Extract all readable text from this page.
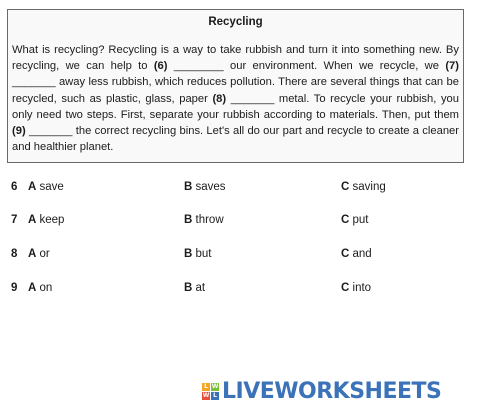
Recycling
What is recycling? Recycling is a way to take rubbish and turn it into something new. By recycling, we can help to (6) ________ our environment. When we recycle, we (7) _______ away less rubbish, which reduces pollution. There are several things that can be recycled, such as plastic, glass, paper (8) _______ metal. To recycle your rubbish, you only need two steps. First, separate your rubbish according to materials. Then, put them (9) _______ the correct recycling bins. Let's all do our part and recycle to create a cleaner and healthier planet.
6 A save	B saves	C saving
7 A keep	B throw	C put
8 A or	B but	C and
9 A on	B at	C into
L W
W L LIVEWORKSHEETS
